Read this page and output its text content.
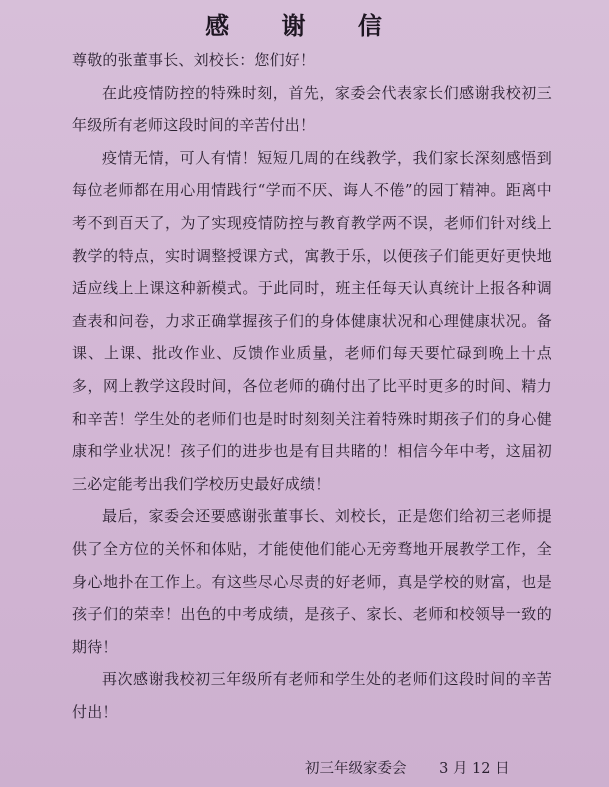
感 谢 信

尊敬的张董事长、刘校长：您们好！

在此疫情防控的特殊时刻，首先，家委会代表家长们感谢我校初三年级所有老师这段时间的辛苦付出！

疫情无情，可人有情！短短几周的在线教学，我们家长深刻感悟到每位老师都在用心用情践行“学而不厌、诲人不倦”的园丁精神。距离中考不到百天了，为了实现疫情防控与教育教学两不误，老师们针对线上教学的特点，实时调整授课方式，寓教于乐，以便孩子们能更好更快地适应线上上课这种新模式。于此同时，班主任每天认真统计上报各种调查表和问卷，力求正确掌握孩子们的身体健康状况和心理健康状况。备课、上课、批改作业、反馈作业质量，老师们每天要忙碌到晚上十点多，网上教学这段时间，各位老师的确付出了比平时更多的时间、精力和辛苦！学生处的老师们也是时时刻刻关注着特殊时期孩子们的身心健康和学业状况！孩子们的进步也是有目共睹的！相信今年中考，这届初三必定能考出我们学校历史最好成绩！

最后，家委会还要感谢张董事长、刘校长，正是您们给初三老师提供了全方位的关怀和体贴，才能使他们能心无旁骛地开展教学工作，全身心地扑在工作上。有这些尽心尽责的好老师，真是学校的财富，也是孩子们的荣幸！出色的中考成绩，是孩子、家长、老师和校领导一致的期待！

再次感谢我校初三年级所有老师和学生处的老师们这段时间的辛苦付出！

初三年级家委会 3 月 12 日
